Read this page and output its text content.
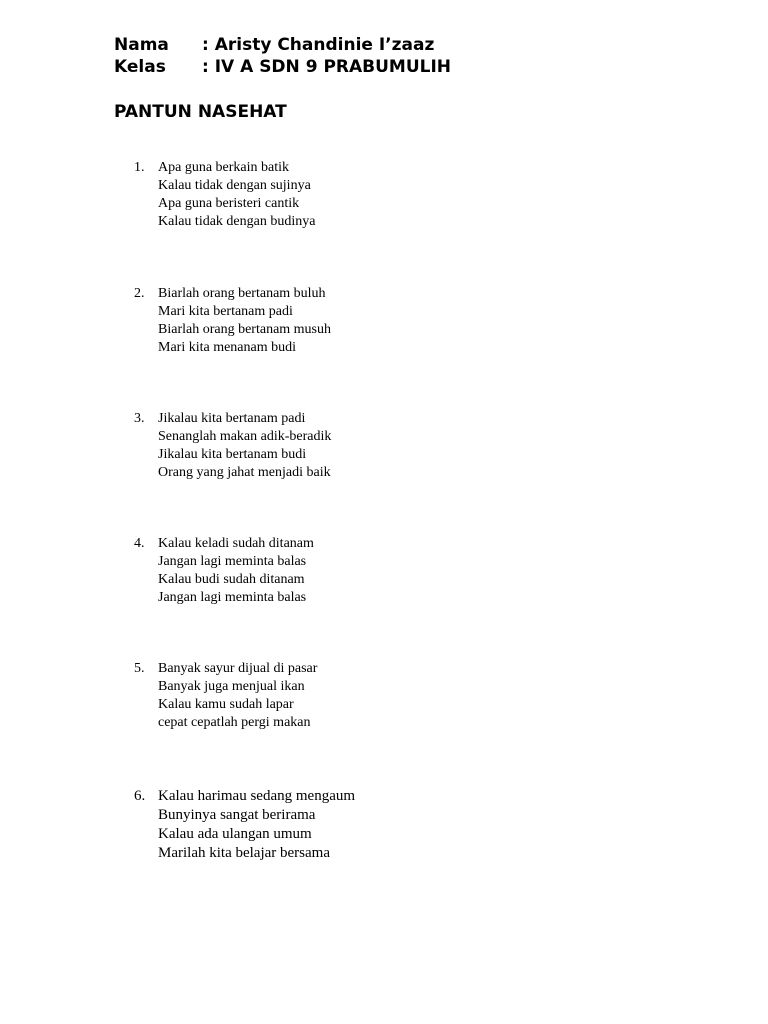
Nama	: Aristy Chandinie I’zaaz
Kelas	: IV A SDN 9 PRABUMULIH
PANTUN NASEHAT
1. Apa guna berkain batik
Kalau tidak dengan sujinya
Apa guna beristeri cantik
Kalau tidak dengan budinya
2. Biarlah orang bertanam buluh
Mari kita bertanam padi
Biarlah orang bertanam musuh
Mari kita menanam budi
3. Jikalau kita bertanam padi
Senanglah makan adik-beradik
Jikalau kita bertanam budi
Orang yang jahat menjadi baik
4. Kalau keladi sudah ditanam
Jangan lagi meminta balas
Kalau budi sudah ditanam
Jangan lagi meminta balas
5. Banyak sayur dijual di pasar
Banyak juga menjual ikan
Kalau kamu sudah lapar
cepat cepatlah pergi makan
6. Kalau harimau sedang mengaum
Bunyinya sangat berirama
Kalau ada ulangan umum
Marilah kita belajar bersama
